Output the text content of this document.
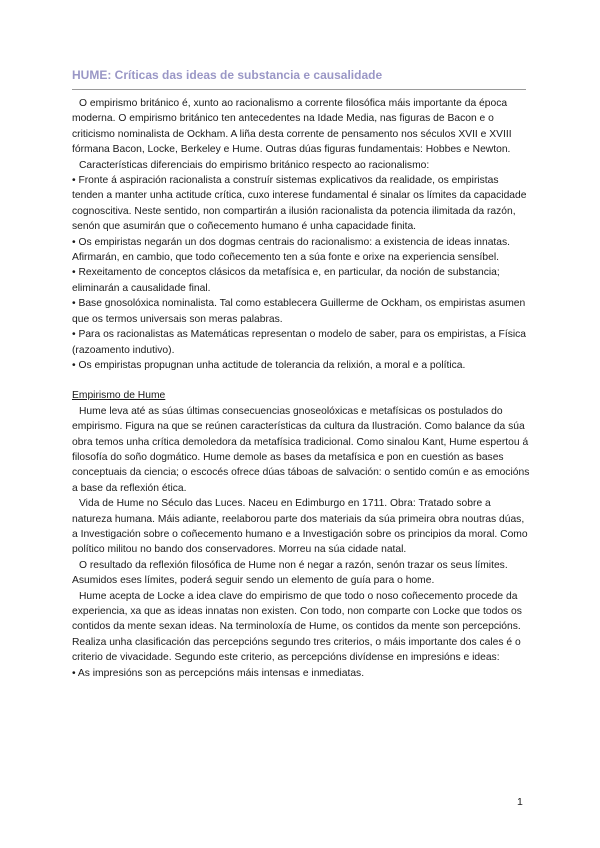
HUME: Críticas das ideas de substancia e causalidade

O empirismo británico é, xunto ao racionalismo a corrente filosófica máis importante da época moderna. O empirismo británico ten antecedentes na Idade Media, nas figuras de Bacon e o criticismo nominalista de Ockham. A liña desta corrente de pensamento nos séculos XVII e XVIII fórmana Bacon, Locke, Berkeley e Hume. Outras dúas figuras fundamentais: Hobbes e Newton.

Características diferenciais do empirismo británico respecto ao racionalismo:

• Fronte á aspiración racionalista a construír sistemas explicativos da realidade, os empiristas tenden a manter unha actitude crítica, cuxo interese fundamental é sinalar os límites da capacidade cognoscitiva. Neste sentido, non compartirán a ilusión racionalista da potencia ilimitada da razón, senón que asumirán que o coñecemento humano é unha capacidade finita.

• Os empiristas negarán un dos dogmas centrais do racionalismo: a existencia de ideas innatas. Afirmarán, en cambio, que todo coñecemento ten a súa fonte e orixe na experiencia sensíbel.

• Rexeitamento de conceptos clásicos da metafísica e, en particular, da noción de substancia; eliminarán a causalidade final.

• Base gnosolóxica nominalista. Tal como establecera Guillerme de Ockham, os empiristas asumen que os termos universais son meras palabras.

• Para os racionalistas as Matemáticas representan o modelo de saber, para os empiristas, a Física (razoamento indutivo).

• Os empiristas propugnan unha actitude de tolerancia da relixión, a moral e a política.

Empirismo de Hume

Hume leva até as súas últimas consecuencias gnoseolóxicas e metafísicas os postulados do empirismo. Figura na que se reúnen características da cultura da Ilustración. Como balance da súa obra temos unha crítica demoledora da metafísica tradicional. Como sinalou Kant, Hume espertou á filosofía do soño dogmático. Hume demole as bases da metafísica e pon en cuestión as bases conceptuais da ciencia; o escocés ofrece dúas táboas de salvación: o sentido común e as emocións a base da reflexión ética.

Vida de Hume no Século das Luces. Naceu en Edimburgo en 1711. Obra: Tratado sobre a natureza humana. Máis adiante, reelaborou parte dos materiais da súa primeira obra noutras dúas, a Investigación sobre o coñecemento humano e a Investigación sobre os principios da moral. Como político militou no bando dos conservadores. Morreu na súa cidade natal.

O resultado da reflexión filosófica de Hume non é negar a razón, senón trazar os seus límites. Asumidos eses límites, poderá seguir sendo un elemento de guía para o home.

Hume acepta de Locke a idea clave do empirismo de que todo o noso coñecemento procede da experiencia, xa que as ideas innatas non existen. Con todo, non comparte con Locke que todos os contidos da mente sexan ideas. Na terminoloxía de Hume, os contidos da mente son percepcións. Realiza unha clasificación das percepcións segundo tres criterios, o máis importante dos cales é o criterio de vivacidade. Segundo este criterio, as percepcións divídense en impresións e ideas:

• As impresións son as percepcións máis intensas e inmediatas.

1
